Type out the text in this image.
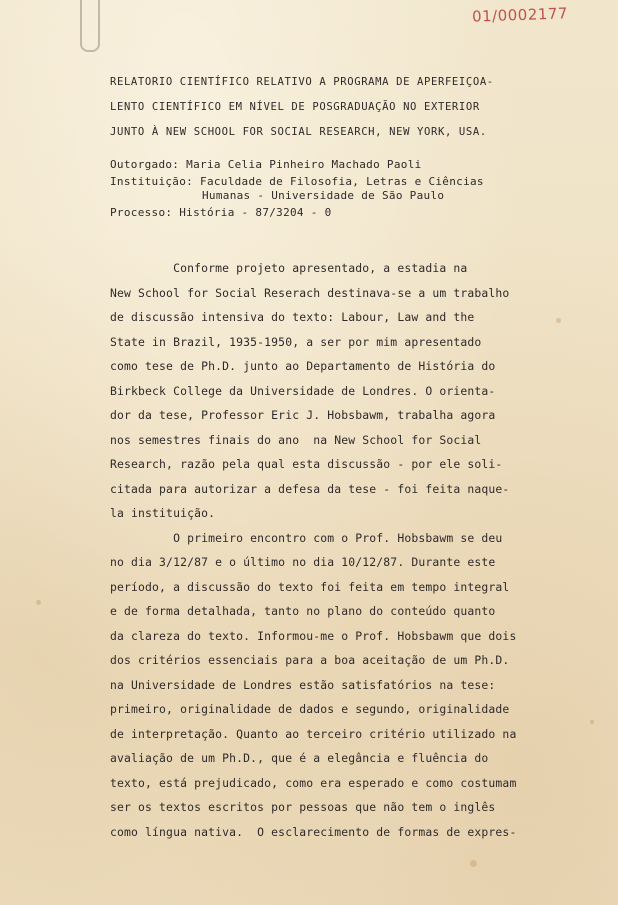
01/0002177
RELATORIO CIENTÍFICO RELATIVO A PROGRAMA DE APERFEIÇOA-
LENTO CIENTÍFICO EM NÍVEL DE POSGRADUAÇÃO NO EXTERIOR
JUNTO À NEW SCHOOL FOR SOCIAL RESEARCH, NEW YORK, USA.
Outorgado: Maria Celia Pinheiro Machado Paoli
Instituição: Faculdade de Filosofia, Letras e Ciências
Humanas - Universidade de São Paulo
Processo: História - 87/3204 - 0
Conforme projeto apresentado, a estadia na
New School for Social Reserach destinava-se a um trabalho
de discussão intensiva do texto: Labour, Law and the
State in Brazil, 1935-1950, a ser por mim apresentado
como tese de Ph.D. junto ao Departamento de História do
Birkbeck College da Universidade de Londres. O orienta-
dor da tese, Professor Eric J. Hobsbawm, trabalha agora
nos semestres finais do ano  na New School for Social
Research, razão pela qual esta discussão - por ele soli-
citada para autorizar a defesa da tese - foi feita naque-
la instituição.
O primeiro encontro com o Prof. Hobsbawm se deu
no dia 3/12/87 e o último no dia 10/12/87. Durante este
período, a discussão do texto foi feita em tempo integral
e de forma detalhada, tanto no plano do conteúdo quanto
da clareza do texto. Informou-me o Prof. Hobsbawm que dois
dos critérios essenciais para a boa aceitação de um Ph.D.
na Universidade de Londres estão satisfatórios na tese:
primeiro, originalidade de dados e segundo, originalidade
de interpretação. Quanto ao terceiro critério utilizado na
avaliação de um Ph.D., que é a elegância e fluência do
texto, está prejudicado, como era esperado e como costumam
ser os textos escritos por pessoas que não tem o inglês
como língua nativa.  O esclarecimento de formas de expres-
